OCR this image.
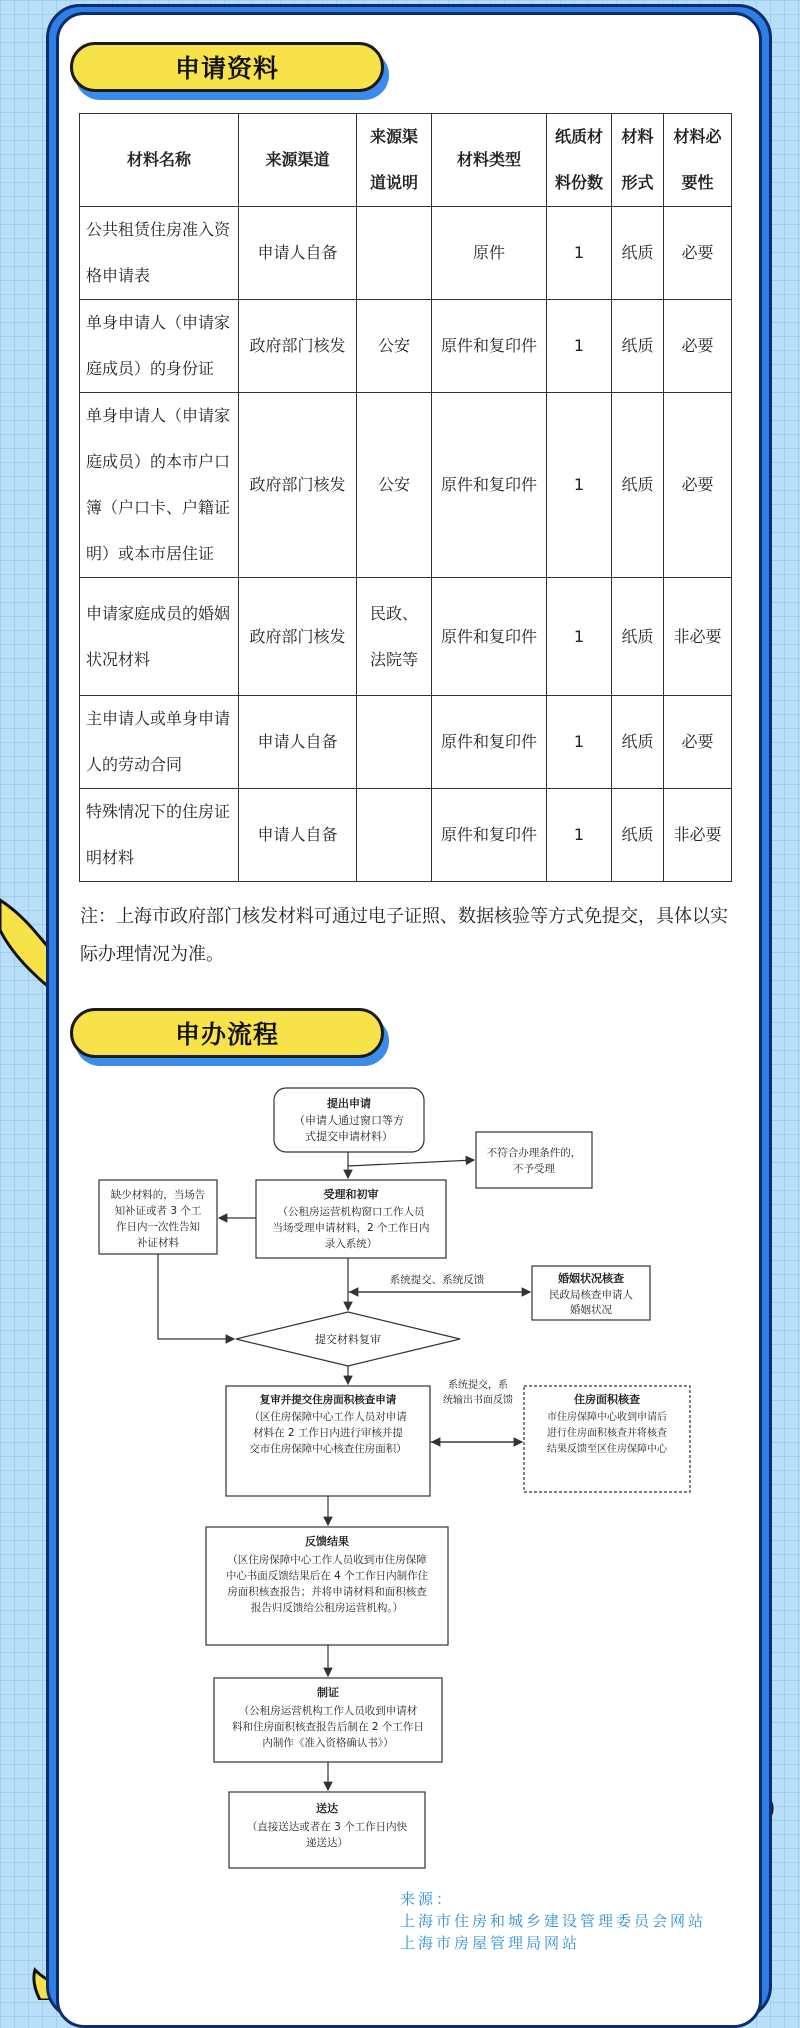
申请资料
材料名称	来源渠道	来源渠道说明	材料类型	纸质材料份数	材料形式	材料必要性
公共租赁住房准入资格申请表	申请人自备		原件	1	纸质	必要
单身申请人（申请家庭成员）的身份证	政府部门核发	公安	原件和复印件	1	纸质	必要
单身申请人（申请家庭成员）的本市户口簿（户口卡、户籍证明）或本市居住证	政府部门核发	公安	原件和复印件	1	纸质	必要
申请家庭成员的婚姻状况材料	政府部门核发	民政、法院等	原件和复印件	1	纸质	非必要
主申请人或单身申请人的劳动合同	申请人自备		原件和复印件	1	纸质	必要
特殊情况下的住房证明材料	申请人自备		原件和复印件	1	纸质	非必要
注：上海市政府部门核发材料可通过电子证照、数据核验等方式免提交，具体以实际办理情况为准。
申办流程
提出申请
（申请人通过窗口等方
式提交申请材料）
不符合办理条件的，
不予受理
缺少材料的，当场告
知补证或者 3 个工
作日内一次性告知
补证材料
受理和初审
（公租房运营机构窗口工作人员
当场受理申请材料，2 个工作日内
录入系统）
系统提交、系统反馈	婚姻状况核查
民政局核查申请人
婚姻状况
提交材料复审
复审并提交住房面积核查申请
（区住房保障中心工作人员对申请
材料在 2 工作日内进行审核并提
交市住房保障中心核查住房面积）
系统提交，系
统输出书面反馈	住房面积核查
市住房保障中心收到申请后
进行住房面积核查并将核查
结果反馈至区住房保障中心
反馈结果
（区住房保障中心工作人员收到市住房保障
中心书面反馈结果后在 4 个工作日内制作住
房面积核查报告；并将申请材料和面积核查
报告归反馈给公租房运营机构。）
制证
（公租房运营机构工作人员收到申请材
料和住房面积核查报告后制在 2 个工作日
内制作《准入资格确认书》）
送达
（直接送达或者在 3 个工作日内快
递送达）
来源：
上海市住房和城乡建设管理委员会网站
上海市房屋管理局网站
